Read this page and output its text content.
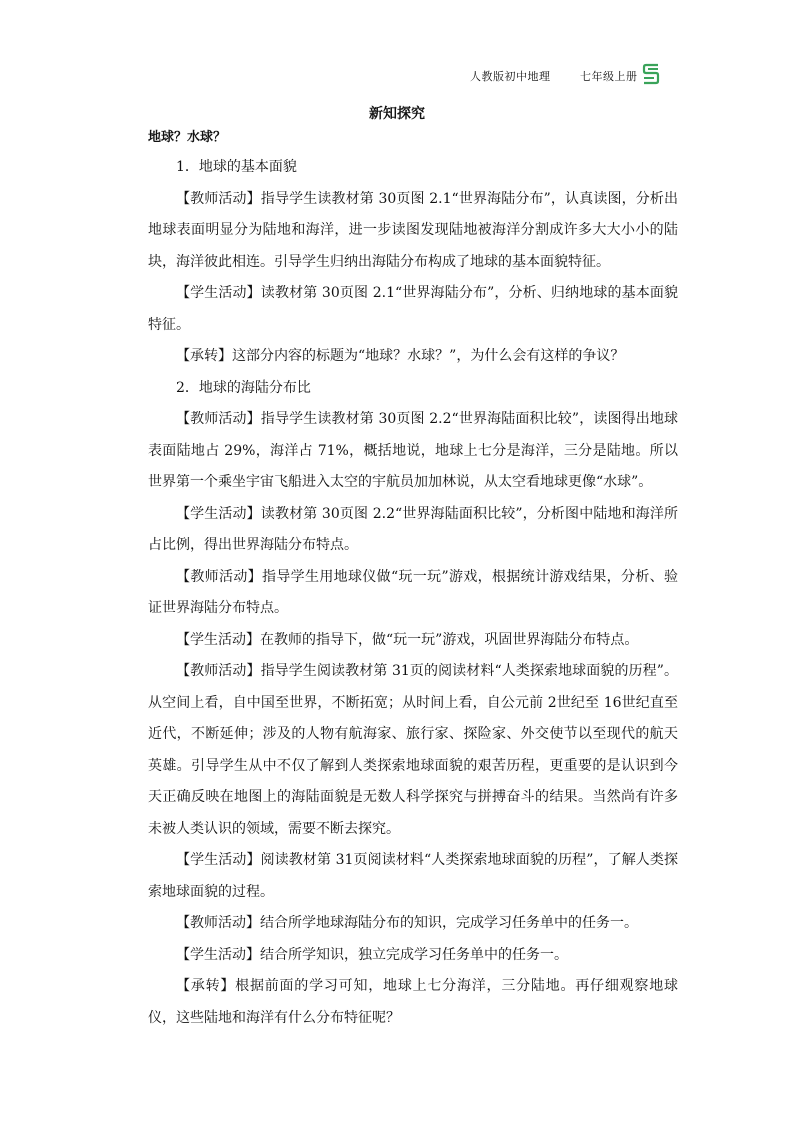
人教版初中地理	七年级上册
新知探究

地球？水球？

1．地球的基本面貌

【教师活动】指导学生读教材第 30页图 2.1“世界海陆分布”，认真读图，分析出地球表面明显分为陆地和海洋，进一步读图发现陆地被海洋分割成许多大大小小的陆块，海洋彼此相连。引导学生归纳出海陆分布构成了地球的基本面貌特征。

【学生活动】读教材第 30页图 2.1“世界海陆分布”，分析、归纳地球的基本面貌特征。

【承转】这部分内容的标题为“地球？水球？”，为什么会有这样的争议？

2．地球的海陆分布比

【教师活动】指导学生读教材第 30页图 2.2“世界海陆面积比较”，读图得出地球表面陆地占 29%，海洋占 71%，概括地说，地球上七分是海洋，三分是陆地。所以世界第一个乘坐宇宙飞船进入太空的宇航员加加林说，从太空看地球更像“水球”。

【学生活动】读教材第 30页图 2.2“世界海陆面积比较”，分析图中陆地和海洋所占比例，得出世界海陆分布特点。

【教师活动】指导学生用地球仪做“玩一玩”游戏，根据统计游戏结果，分析、验证世界海陆分布特点。

【学生活动】在教师的指导下，做“玩一玩”游戏，巩固世界海陆分布特点。

【教师活动】指导学生阅读教材第 31页的阅读材料“人类探索地球面貌的历程”。从空间上看，自中国至世界，不断拓宽；从时间上看，自公元前 2世纪至 16世纪直至近代，不断延伸；涉及的人物有航海家、旅行家、探险家、外交使节以至现代的航天英雄。引导学生从中不仅了解到人类探索地球面貌的艰苦历程，更重要的是认识到今天正确反映在地图上的海陆面貌是无数人科学探究与拼搏奋斗的结果。当然尚有许多未被人类认识的领域，需要不断去探究。

【学生活动】阅读教材第 31页阅读材料“人类探索地球面貌的历程”，了解人类探索地球面貌的过程。

【教师活动】结合所学地球海陆分布的知识，完成学习任务单中的任务一。

【学生活动】结合所学知识，独立完成学习任务单中的任务一。

【承转】根据前面的学习可知，地球上七分海洋，三分陆地。再仔细观察地球仪，这些陆地和海洋有什么分布特征呢？
